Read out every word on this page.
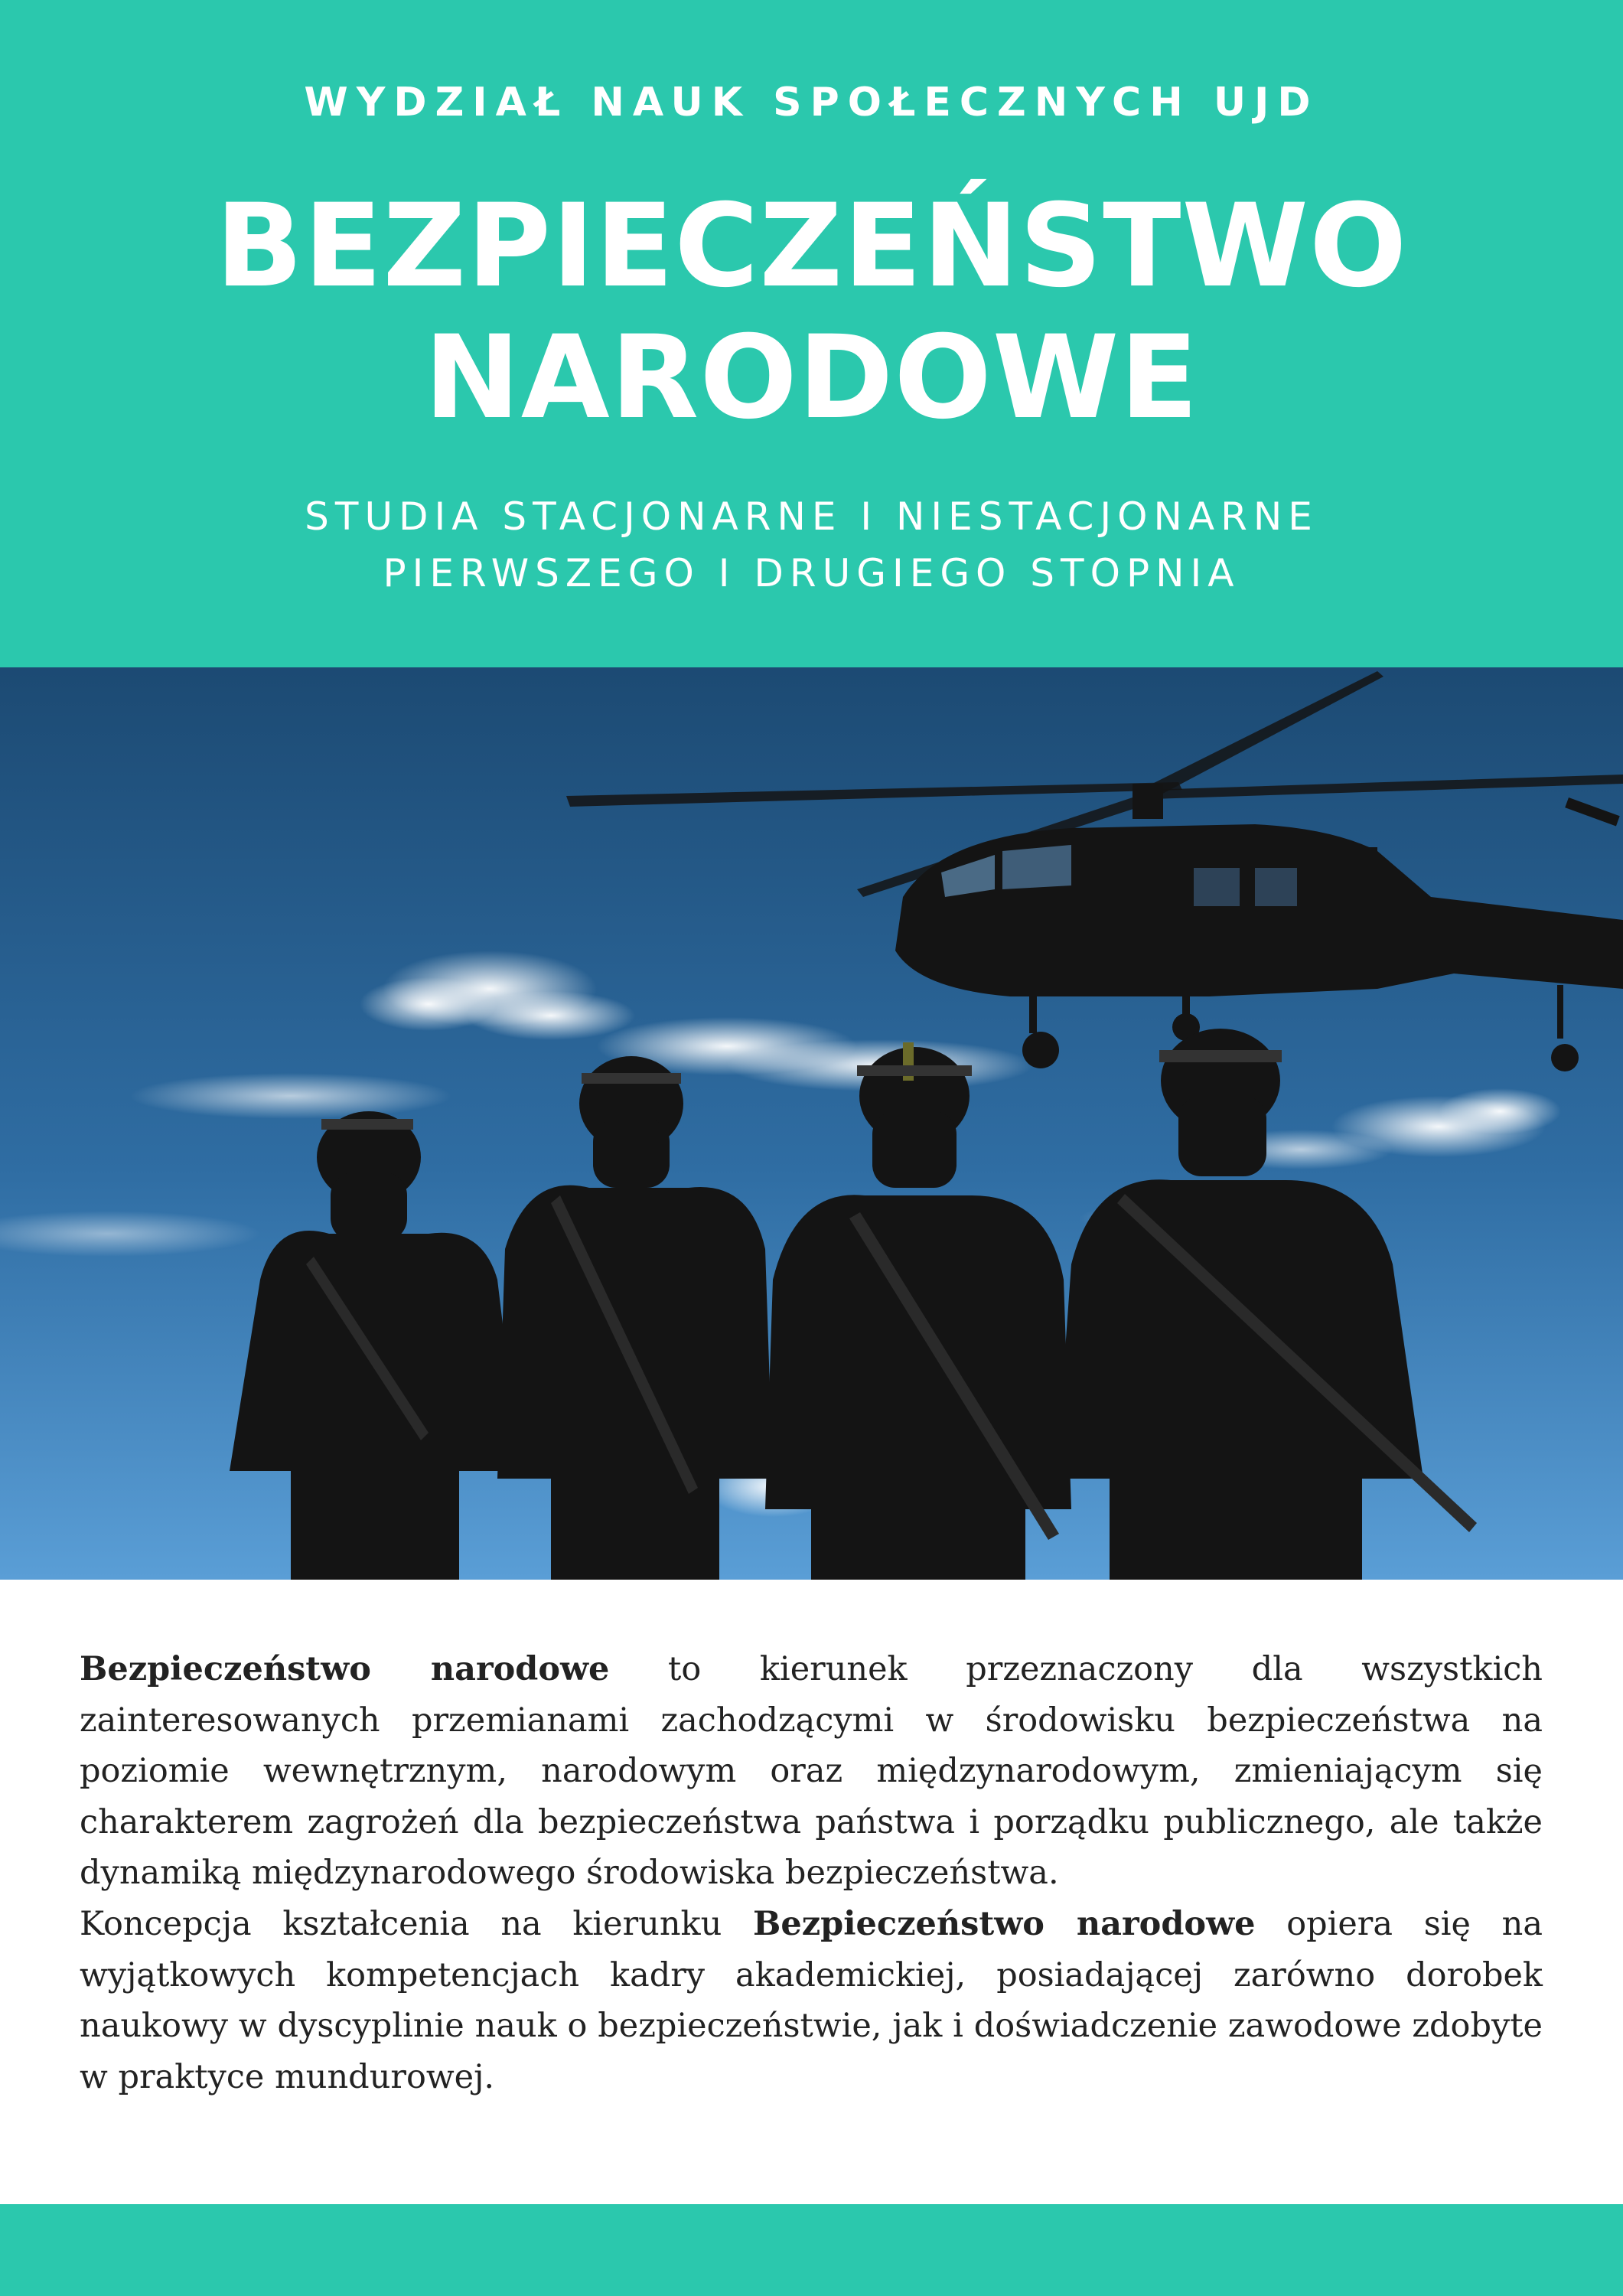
WYDZIAŁ NAUK SPOŁECZNYCH UJD
BEZPIECZEŃSTWO
NARODOWE
STUDIA STACJONARNE I NIESTACJONARNE
PIERWSZEGO I DRUGIEGO STOPNIA

Bezpieczeństwo narodowe to kierunek przeznaczony dla wszystkich zainteresowanych przemianami zachodzącymi w środowisku bezpieczeństwa na poziomie wewnętrznym, narodowym oraz międzynarodowym, zmieniającym się charakterem zagrożeń dla bezpieczeństwa państwa i porządku publicznego, ale także dynamiką międzynarodowego środowiska bezpieczeństwa.

Koncepcja kształcenia na kierunku Bezpieczeństwo narodowe opiera się na wyjątkowych kompetencjach kadry akademickiej, posiadającej zarówno dorobek naukowy w dyscyplinie nauk o bezpieczeństwie, jak i doświadczenie zawodowe zdobyte w praktyce mundurowej.
